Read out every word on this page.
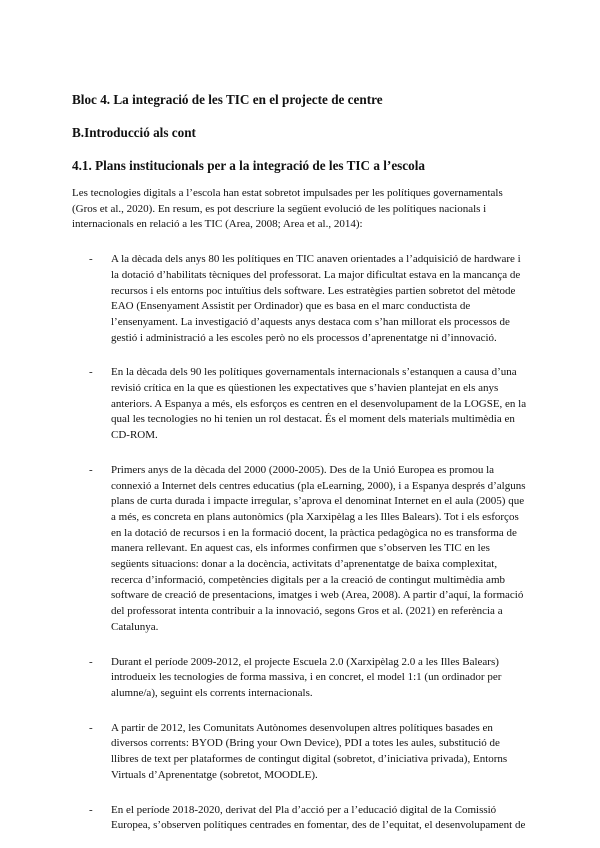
Bloc 4. La integració de les TIC en el projecte de centre
B.Introducció als cont
4.1. Plans institucionals per a la integració de les TIC a l’escola

Les tecnologies digitals a l’escola han estat sobretot impulsades per les polítiques governamentals (Gros et al., 2020). En resum, es pot descriure la següent evolució de les polítiques nacionals i internacionals en relació a les TIC (Area, 2008; Area et al., 2014):

- A la dècada dels anys 80 les polítiques en TIC anaven orientades a l’adquisició de hardware i la dotació d’habilitats tècniques del professorat. La major dificultat estava en la mancança de recursos i els entorns poc intuïtius dels software. Les estratègies partien sobretot del mètode EAO (Ensenyament Assistit per Ordinador) que es basa en el marc conductista de l’ensenyament. La investigació d’aquests anys destaca com s’han millorat els processos de gestió i administració a les escoles però no els processos d’aprenentatge ni d’innovació.
- En la dècada dels 90 les polítiques governamentals internacionals s’estanquen a causa d’una revisió crítica en la que es qüestionen les expectatives que s’havien plantejat en els anys anteriors. A Espanya a més, els esforços es centren en el desenvolupament de la LOGSE, en la qual les tecnologies no hi tenien un rol destacat. És el moment dels materials multimèdia en CD-ROM.
- Primers anys de la dècada del 2000 (2000-2005). Des de la Unió Europea es promou la connexió a Internet dels centres educatius (pla eLearning, 2000), i a Espanya després d’alguns plans de curta durada i impacte irregular, s’aprova el denominat Internet en el aula (2005) que a més, es concreta en plans autonòmics (pla Xarxipèlag a les Illes Balears). Tot i els esforços en la dotació de recursos i en la formació docent, la pràctica pedagògica no es transforma de manera rellevant. En aquest cas, els informes confirmen que s’observen les TIC en les següents situacions: donar a la docència, activitats d’aprenentatge de baixa complexitat, recerca d’informació, competències digitals per a la creació de contingut multimèdia amb software de creació de presentacions, imatges i web (Area, 2008). A partir d’aquí, la formació del professorat intenta contribuir a la innovació, segons Gros et al. (2021) en referència a Catalunya.
- Durant el període 2009-2012, el projecte Escuela 2.0 (Xarxipèlag 2.0 a les Illes Balears) introdueix les tecnologies de forma massiva, i en concret, el model 1:1 (un ordinador per alumne/a), seguint els corrents internacionals.
- A partir de 2012, les Comunitats Autònomes desenvolupen altres polítiques basades en diversos corrents: BYOD (Bring your Own Device), PDI a totes les aules, substitució de llibres de text per plataformes de contingut digital (sobretot, d’iniciativa privada), Entorns Virtuals d’Aprenentatge (sobretot, MOODLE).
- En el període 2018-2020, derivat del Pla d’acció per a l’educació digital de la Comissió Europea, s’observen polítiques centrades en fomentar, des de l’equitat, el desenvolupament de
